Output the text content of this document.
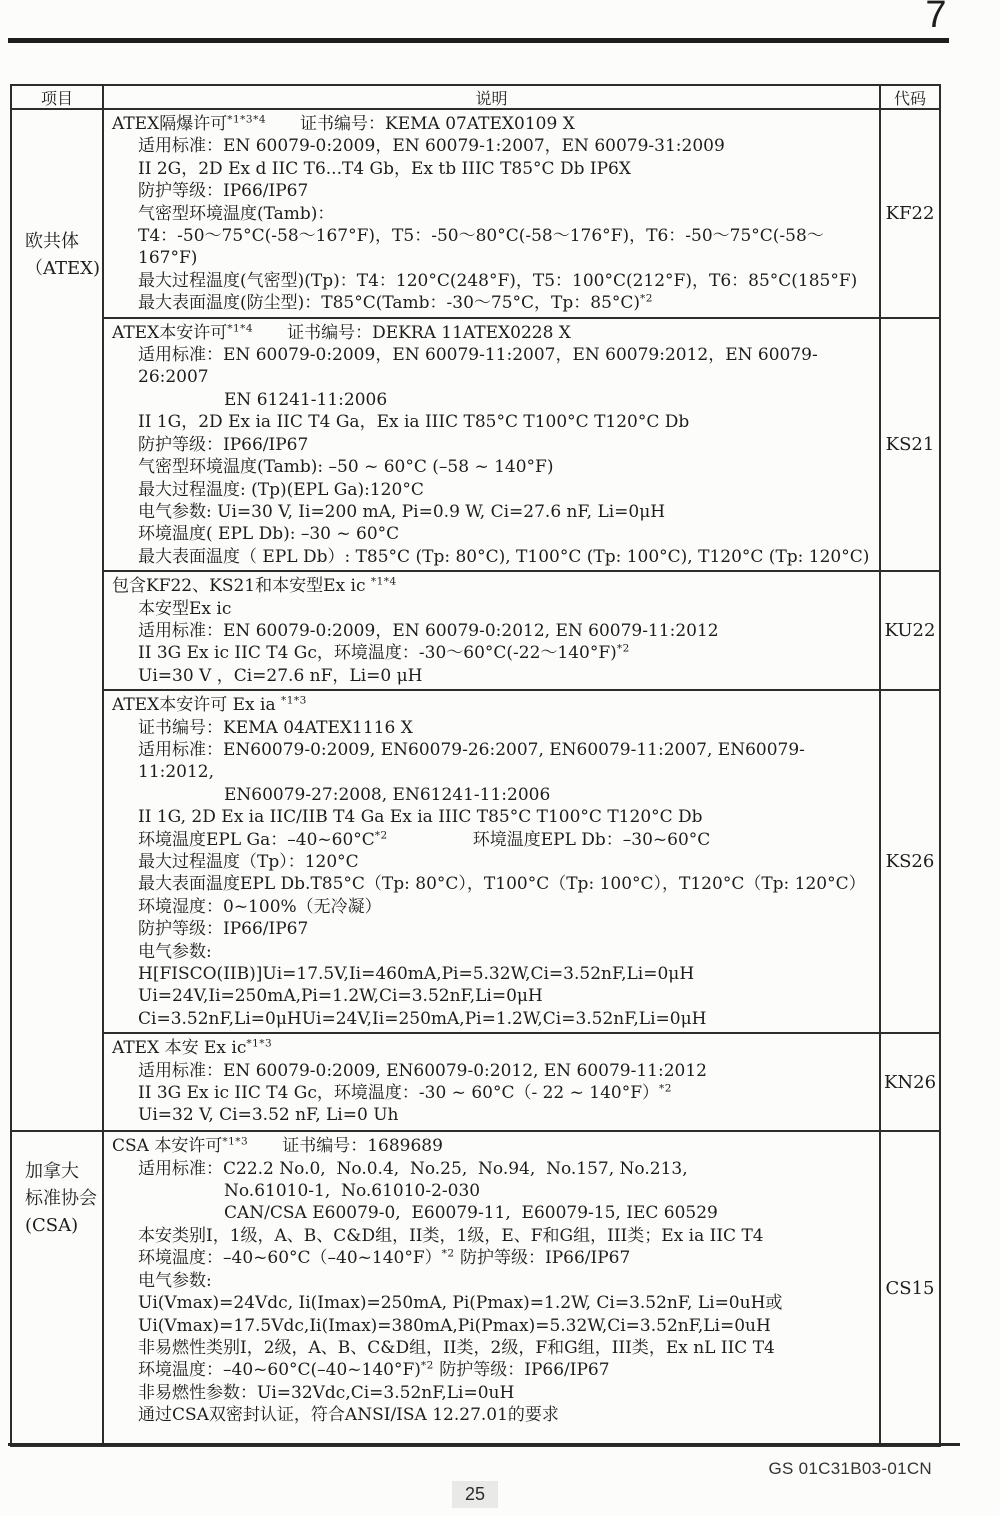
7
项目	说明	代码
欧共体
（ATEX)
ATEX隔爆许可$^{*1*3*4}$　　证书编号：KEMA 07ATEX0109 X
适用标准：EN 60079-0:2009，EN 60079-1:2007，EN 60079-31:2009
II 2G，2D Ex d IIC T6...T4 Gb，Ex tb IIIC T85°C Db IP6X
防护等级：IP66/IP67
气密型环境温度(Tamb)：
T4：-50～75°C(-58～167°F)，T5：-50～80°C(-58～176°F)，T6：-50～75°C(-58～167°F)
最大过程温度(气密型)(Tp)：T4：120°C(248°F)，T5：100°C(212°F)，T6：85°C(185°F)
最大表面温度(防尘型)：T85°C(Tamb：-30～75°C，Tp：85°C)$^{*2}$
KF22
ATEX本安许可$^{*1*4}$　　证书编号：DEKRA 11ATEX0228 X
适用标准：EN 60079-0:2009，EN 60079-11:2007，EN 60079:2012，EN 60079-26:2007
EN 61241-11:2006
II 1G，2D Ex ia IIC T4 Ga，Ex ia IIIC T85°C T100°C T120°C Db
防护等级：IP66/IP67
气密型环境温度(Tamb): –50 ~ 60°C (–58 ~ 140°F)
最大过程温度: (Tp)(EPL Ga):120°C
电气参数: Ui=30 V, Ii=200 mA, Pi=0.9 W, Ci=27.6 nF, Li=0μH
环境温度( EPL Db): –30 ~ 60°C
最大表面温度（ EPL Db）: T85°C (Tp: 80°C), T100°C (Tp: 100°C), T120°C (Tp: 120°C)
KS21
包含KF22、KS21和本安型Ex ic $^{*1*4}$
本安型Ex ic
适用标准：EN 60079-0:2009，EN 60079-0:2012, EN 60079-11:2012
II 3G Ex ic IIC T4 Gc，环境温度：-30～60°C(-22～140°F)$^{*2}$
Ui=30 V ，Ci=27.6 nF，Li=0 μH
KU22
ATEX本安许可 Ex ia $^{*1*3}$
证书编号：KEMA 04ATEX1116 X
适用标准：EN60079-0:2009, EN60079-26:2007, EN60079-11:2007, EN60079-11:2012,
EN60079-27:2008, EN61241-11:2006
II 1G, 2D Ex ia IIC/IIB T4 Ga Ex ia IIIC T85°C T100°C T120°C Db
环境温度EPL Ga：$-40\sim 60^\circ C^{*2}$　　　　　环境温度EPL Db：–30~60°C
最大过程温度（Tp）：120°C
最大表面温度EPL Db.T85°C（Tp: 80°C），T100°C（Tp: 100°C），T120°C（Tp: 120°C）
环境湿度：0~100%（无冷凝）
防护等级：IP66/IP67
电气参数:
H[FISCO(IIB)]Ui=17.5V,Ii=460mA,Pi=5.32W,Ci=3.52nF,Li=0μH
Ui=24V,Ii=250mA,Pi=1.2W,Ci=3.52nF,Li=0μH
Ci=3.52nF,Li=0μHUi=24V,Ii=250mA,Pi=1.2W,Ci=3.52nF,Li=0μH
KS26
ATEX 本安 Ex $ic^{*1*3}$
适用标准：EN 60079-0:2009, EN60079-0:2012, EN 60079-11:2012
II 3G Ex ic IIC T4 Gc，环境温度：-30 ~ 60°C（- 22 ~ 140°F）$^{*2}$
Ui=32 V, Ci=3.52 nF, Li=0 Uh
KN26
加拿大
标准协会
(CSA)
CSA 本安许可$^{*1*3}$　　证书编号：1689689
适用标准：C22.2 No.0,  No.0.4,  No.25,  No.94,  No.157, No.213,
No.61010-1,  No.61010-2-030
CAN/CSA E60079-0,  E60079-11,  E60079-15, IEC 60529
本安类别I，1级，A、B、C&D组，II类，1级，E、F和G组，III类；Ex ia IIC T4
环境温度：–40~60°C（–40~140°F）$^{*2}$ 防护等级：IP66/IP67
电气参数:
Ui(Vmax)=24Vdc, Ii(Imax)=250mA, Pi(Pmax)=1.2W, Ci=3.52nF, Li=0uH或
Ui(Vmax)=17.5Vdc,Ii(Imax)=380mA,Pi(Pmax)=5.32W,Ci=3.52nF,Li=0uH
非易燃性类别I，2级，A、B、C&D组，II类，2级，F和G组，III类，Ex nL IIC T4
环境温度：–40~60°C(–40~140°F)$^{*2}$ 防护等级：IP66/IP67
非易燃性参数：Ui=32Vdc,Ci=3.52nF,Li=0uH
通过CSA双密封认证，符合ANSI/ISA 12.27.01的要求
CS15
GS 01C31B03-01CN
25
